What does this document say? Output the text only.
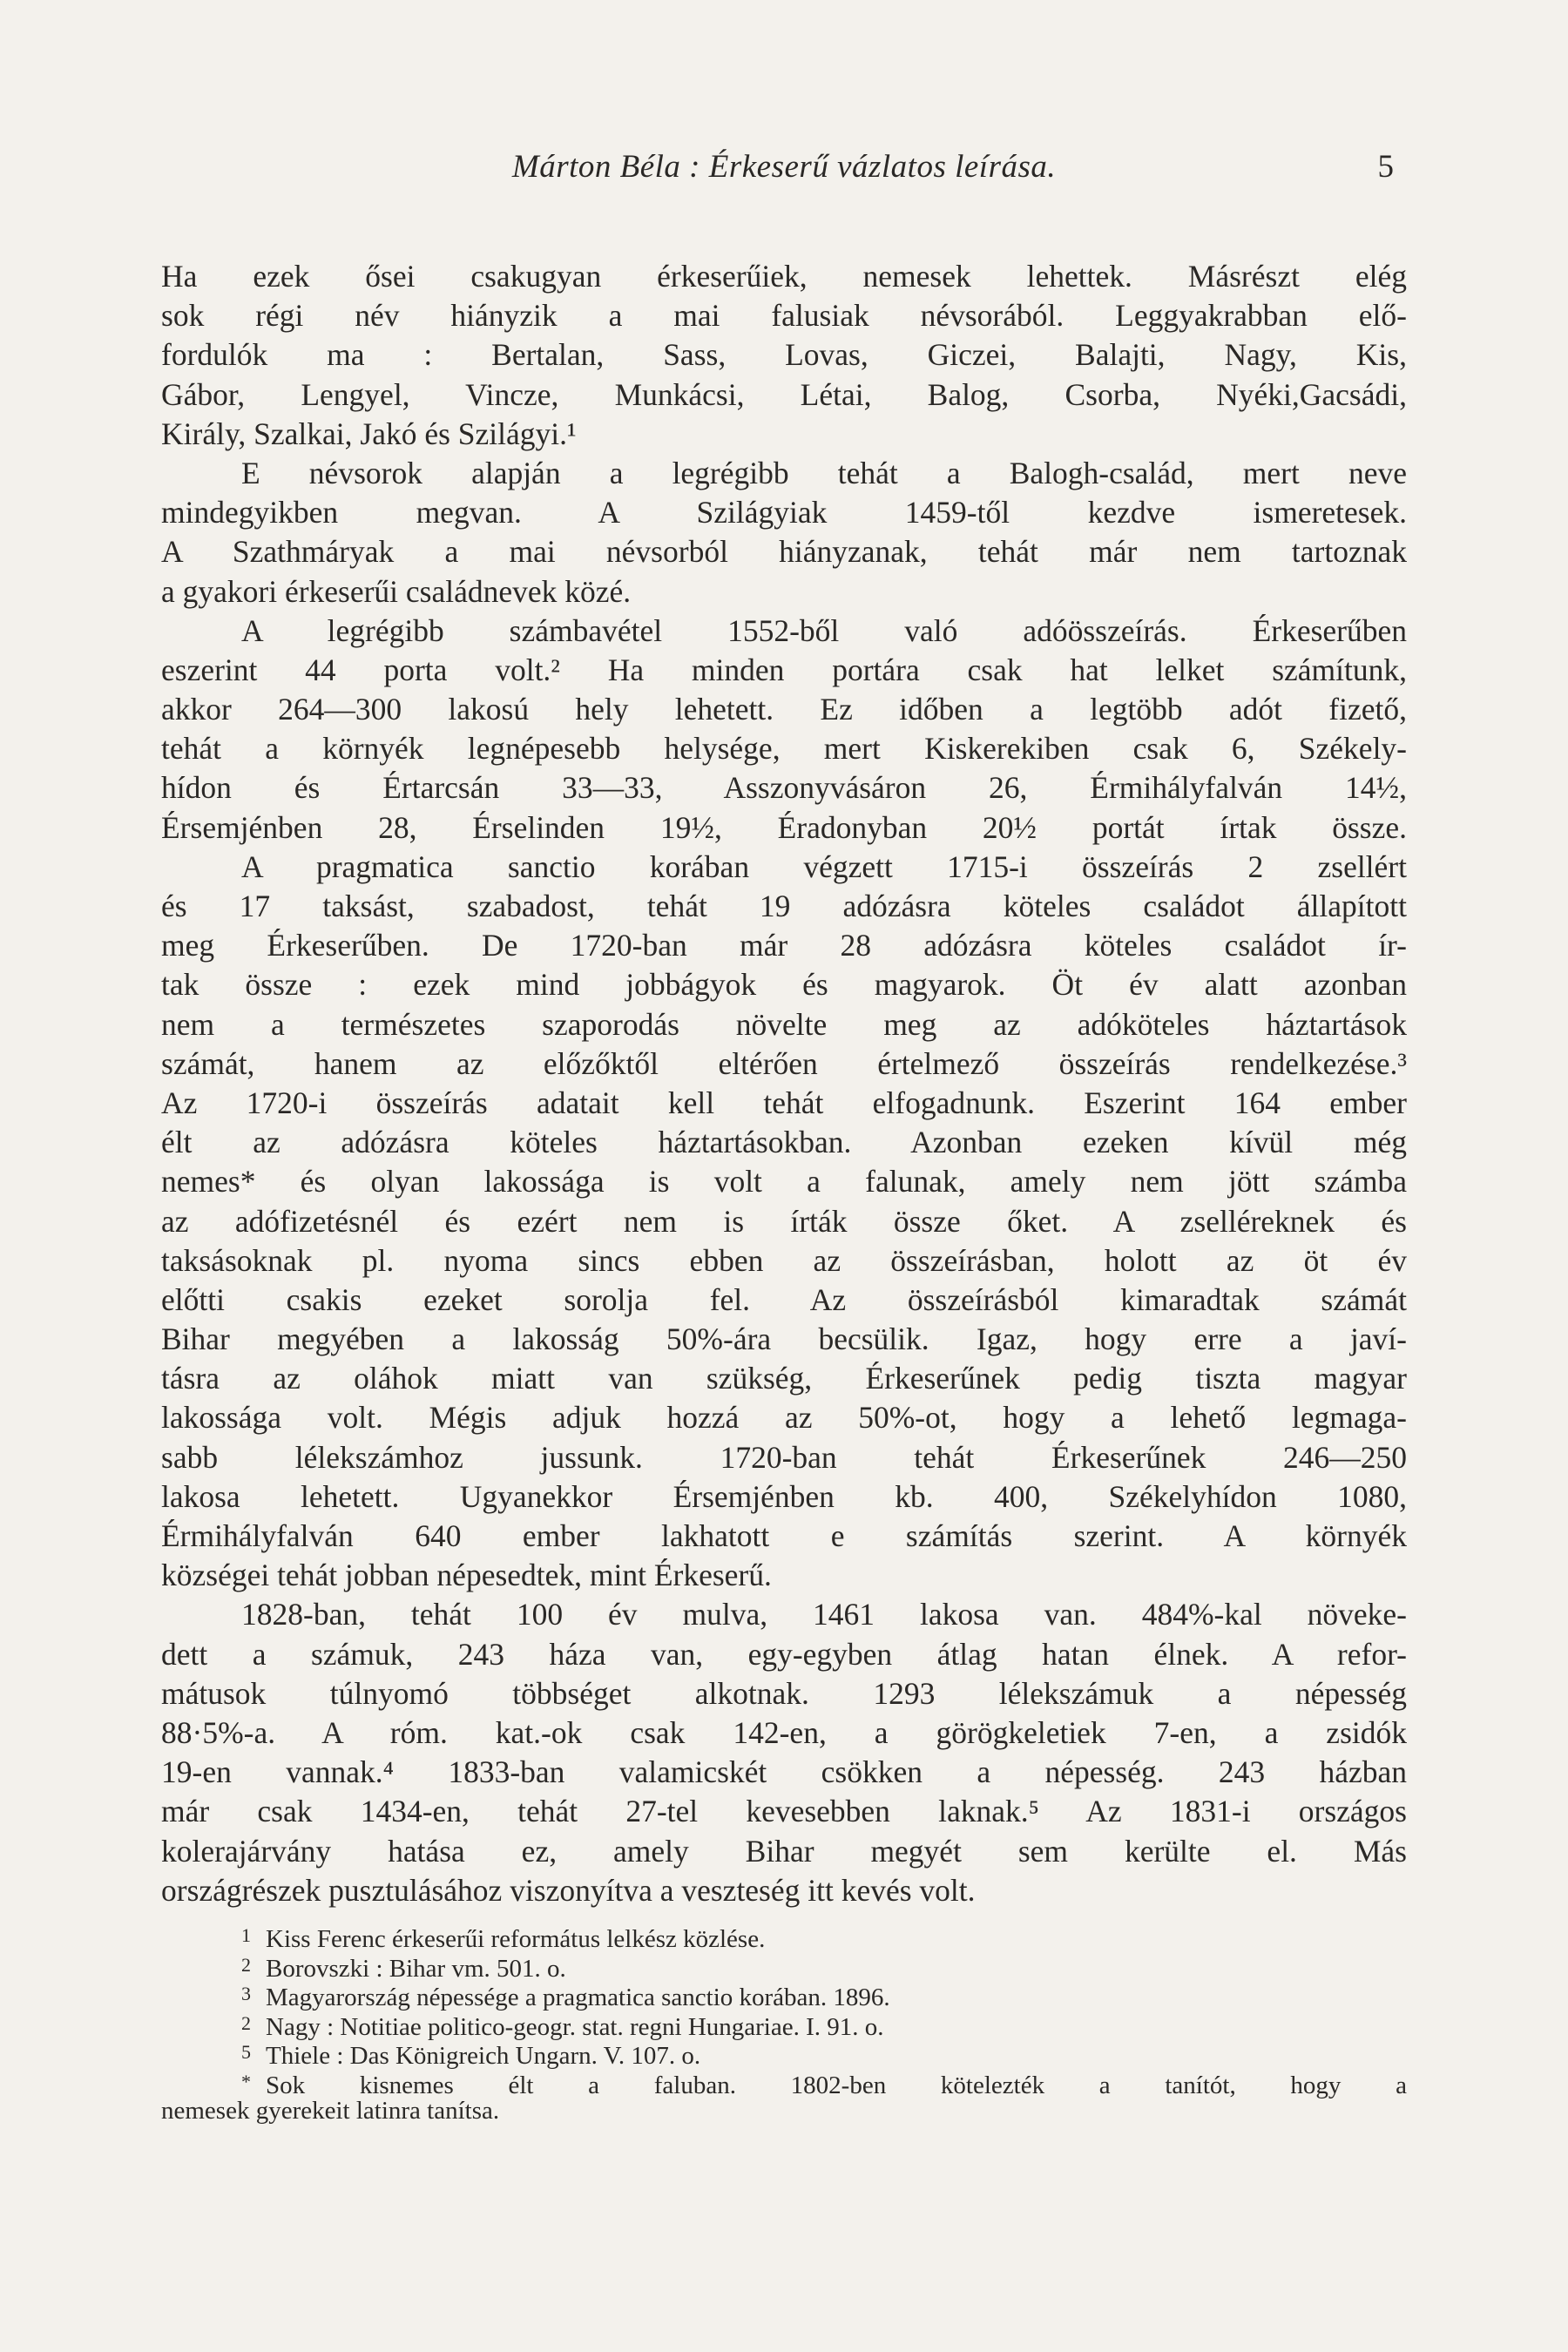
Márton Béla : Érkeserű vázlatos leírása.	5
Ha ezek ősei csakugyan érkeserűiek, nemesek lehettek. Másrészt elég
sok régi név hiányzik a mai falusiak névsorából. Leggyakrabban elő-
fordulók ma : Bertalan, Sass, Lovas, Giczei, Balajti, Nagy, Kis,
Gábor, Lengyel, Vincze, Munkácsi, Létai, Balog, Csorba, Nyéki,Gacsádi,
Király, Szalkai, Jakó és Szilágyi.¹
E névsorok alapján a legrégibb tehát a Balogh-család, mert neve
mindegyikben megvan. A Szilágyiak 1459-től kezdve ismeretesek.
A Szathmáryak a mai névsorból hiányzanak, tehát már nem tartoznak
a gyakori érkeserűi családnevek közé.
A legrégibb számbavétel 1552-ből való adóösszeírás. Érkeserűben
eszerint 44 porta volt.² Ha minden portára csak hat lelket számítunk,
akkor 264—300 lakosú hely lehetett. Ez időben a legtöbb adót fizető,
tehát a környék legnépesebb helysége, mert Kiskerekiben csak 6, Székely-
hídon és Értarcsán 33—33, Asszonyvásáron 26, Érmihályfalván 14½,
Érsemjénben 28, Érselinden 19½, Éradonyban 20½ portát írtak össze.
A pragmatica sanctio korában végzett 1715-i összeírás 2 zsellért
és 17 taksást, szabadost, tehát 19 adózásra köteles családot állapított
meg Érkeserűben. De 1720-ban már 28 adózásra köteles családot ír-
tak össze : ezek mind jobbágyok és magyarok. Öt év alatt azonban
nem a természetes szaporodás növelte meg az adóköteles háztartások
számát, hanem az előzőktől eltérően értelmező összeírás rendelkezése.³
Az 1720-i összeírás adatait kell tehát elfogadnunk. Eszerint 164 ember
élt az adózásra köteles háztartásokban. Azonban ezeken kívül még
nemes* és olyan lakossága is volt a falunak, amely nem jött számba
az adófizetésnél és ezért nem is írták össze őket. A zselléreknek és
taksásoknak pl. nyoma sincs ebben az összeírásban, holott az öt év
előtti csakis ezeket sorolja fel. Az összeírásból kimaradtak számát
Bihar megyében a lakosság 50%-ára becsülik. Igaz, hogy erre a javí-
tásra az oláhok miatt van szükség, Érkeserűnek pedig tiszta magyar
lakossága volt. Mégis adjuk hozzá az 50%-ot, hogy a lehető legmaga-
sabb lélekszámhoz jussunk. 1720-ban tehát Érkeserűnek 246—250
lakosa lehetett. Ugyanekkor Érsemjénben kb. 400, Székelyhídon 1080,
Érmihályfalván 640 ember lakhatott e számítás szerint. A környék
községei tehát jobban népesedtek, mint Érkeserű.
1828-ban, tehát 100 év mulva, 1461 lakosa van. 484%-kal növeke-
dett a számuk, 243 háza van, egy-egyben átlag hatan élnek. A refor-
mátusok túlnyomó többséget alkotnak. 1293 lélekszámuk a népesség
88·5%-a. A róm. kat.-ok csak 142-en, a görögkeletiek 7-en, a zsidók
19-en vannak.⁴ 1833-ban valamicskét csökken a népesség. 243 házban
már csak 1434-en, tehát 27-tel kevesebben laknak.⁵ Az 1831-i országos
kolerajárvány hatása ez, amely Bihar megyét sem kerülte el. Más
országrészek pusztulásához viszonyítva a veszteség itt kevés volt.
1 Kiss Ferenc érkeserűi református lelkész közlése.
2 Borovszki : Bihar vm. 501. o.
3 Magyarország népessége a pragmatica sanctio korában. 1896.
2 Nagy : Notitiae politico-geogr. stat. regni Hungariae. I. 91. o.
5 Thiele : Das Königreich Ungarn. V. 107. o.
* Sok kisnemes élt a faluban. 1802-ben kötelezték a tanítót, hogy a
nemesek gyerekeit latinra tanítsa.
